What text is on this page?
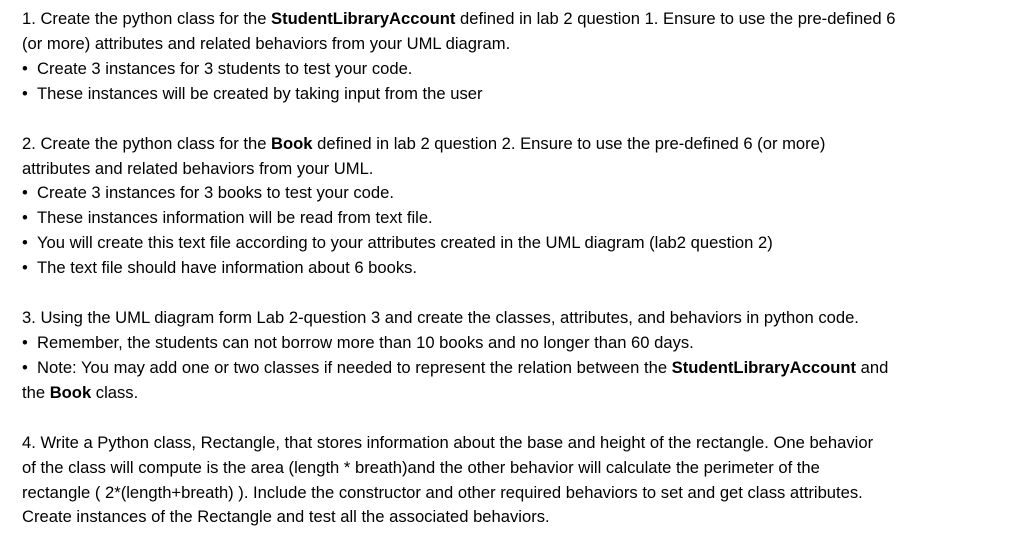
1. Create the python class for the StudentLibraryAccount defined in lab 2 question 1. Ensure to use the pre-defined 6

(or more) attributes and related behaviors from your UML diagram.

• Create 3 instances for 3 students to test your code.

• These instances will be created by taking input from the user

2. Create the python class for the Book defined in lab 2 question 2. Ensure to use the pre-defined 6 (or more)

attributes and related behaviors from your UML.

• Create 3 instances for 3 books to test your code.

• These instances information will be read from text file.

• You will create this text file according to your attributes created in the UML diagram (lab2 question 2)

• The text file should have information about 6 books.

3. Using the UML diagram form Lab 2-question 3 and create the classes, attributes, and behaviors in python code.

• Remember, the students can not borrow more than 10 books and no longer than 60 days.

• Note: You may add one or two classes if needed to represent the relation between the StudentLibraryAccount and

the Book class.

4. Write a Python class, Rectangle, that stores information about the base and height of the rectangle. One behavior

of the class will compute is the area (length * breath)and the other behavior will calculate the perimeter of the

rectangle ( 2*(length+breath) ). Include the constructor and other required behaviors to set and get class attributes.

Create instances of the Rectangle and test all the associated behaviors.
